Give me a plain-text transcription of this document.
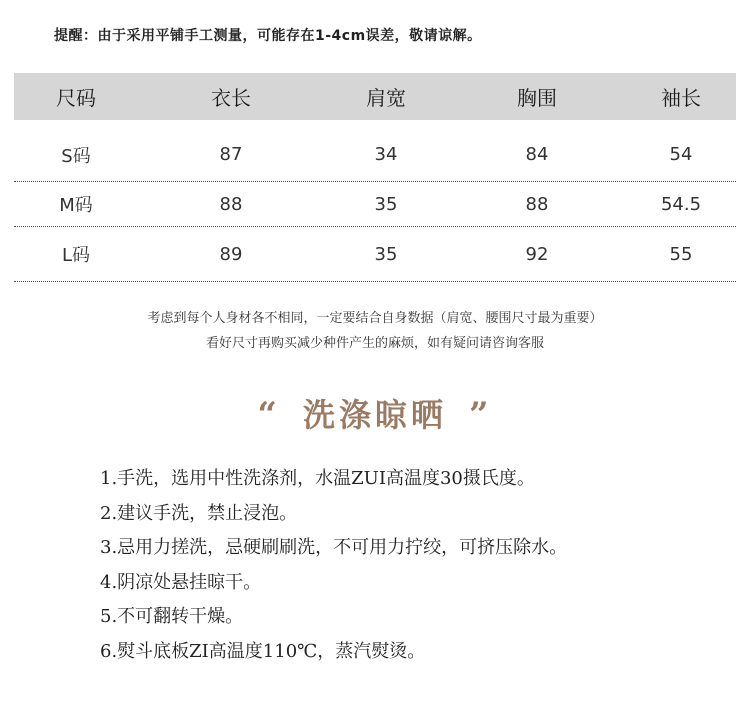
提醒：由于采用平铺手工测量，可能存在1-4cm误差，敬请谅解。
尺码	衣长	肩宽	胸围	袖长
S码	87	34	84	54
M码	88	35	88	54.5
L码	89	35	92	55
考虑到每个人身材各不相同，一定要结合自身数据（肩宽、腰围尺寸最为重要）
看好尺寸再购买减少种件产生的麻烦，如有疑问请咨询客服
“ 洗涤晾晒 ”
1.手洗，选用中性洗涤剂，水温ZUI高温度30摄氏度。
2.建议手洗，禁止浸泡。
3.忌用力搓洗，忌硬刷刷洗，不可用力拧绞，可挤压除水。
4.阴凉处悬挂晾干。
5.不可翻转干燥。
6.熨斗底板ZI高温度110℃，蒸汽熨烫。
